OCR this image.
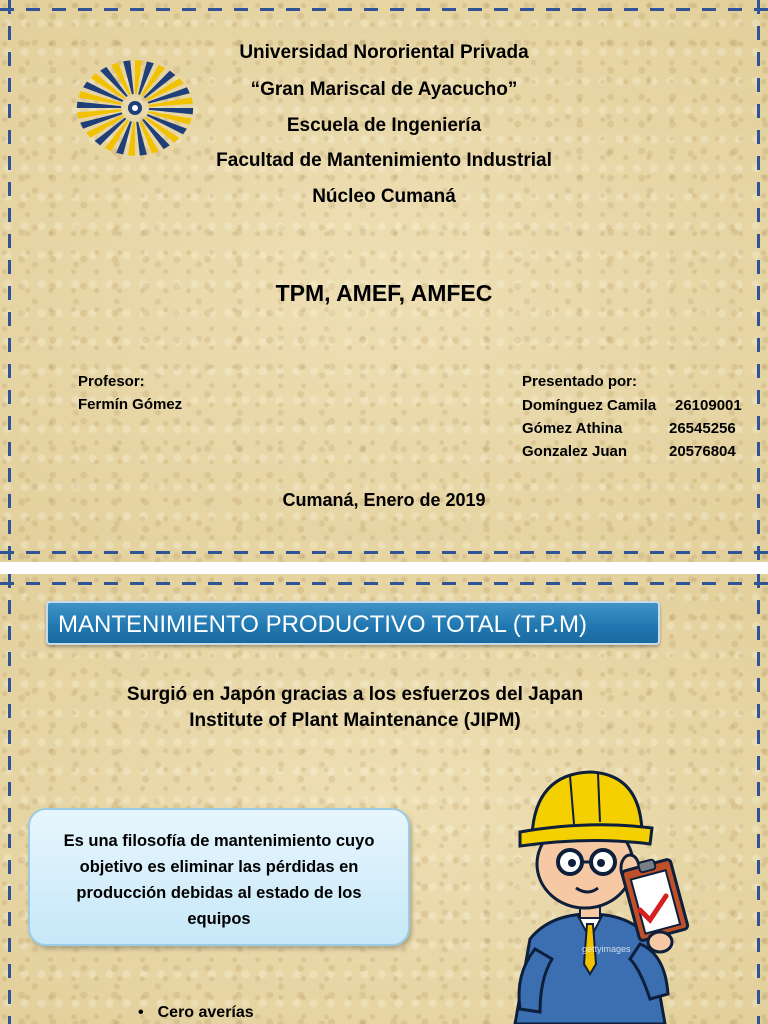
Universidad Nororiental Privada
“Gran Mariscal de Ayacucho”
Escuela de Ingeniería
Facultad de Mantenimiento Industrial
Núcleo Cumaná
TPM, AMEF, AMFEC
Profesor:
Fermín Gómez
Presentado por:
Domínguez Camila 26109001
Gómez Athina	26545256
Gonzalez Juan	20576804
Cumaná, Enero de 2019
MANTENIMIENTO PRODUCTIVO TOTAL (T.P.M)
Surgió en Japón gracias a los esfuerzos del Japan
Institute of Plant Maintenance (JIPM)
Es una filosofía de mantenimiento cuyo
objetivo es eliminar las pérdidas en
producción debidas al estado de los
equipos
• Cero averías
gettyimages
